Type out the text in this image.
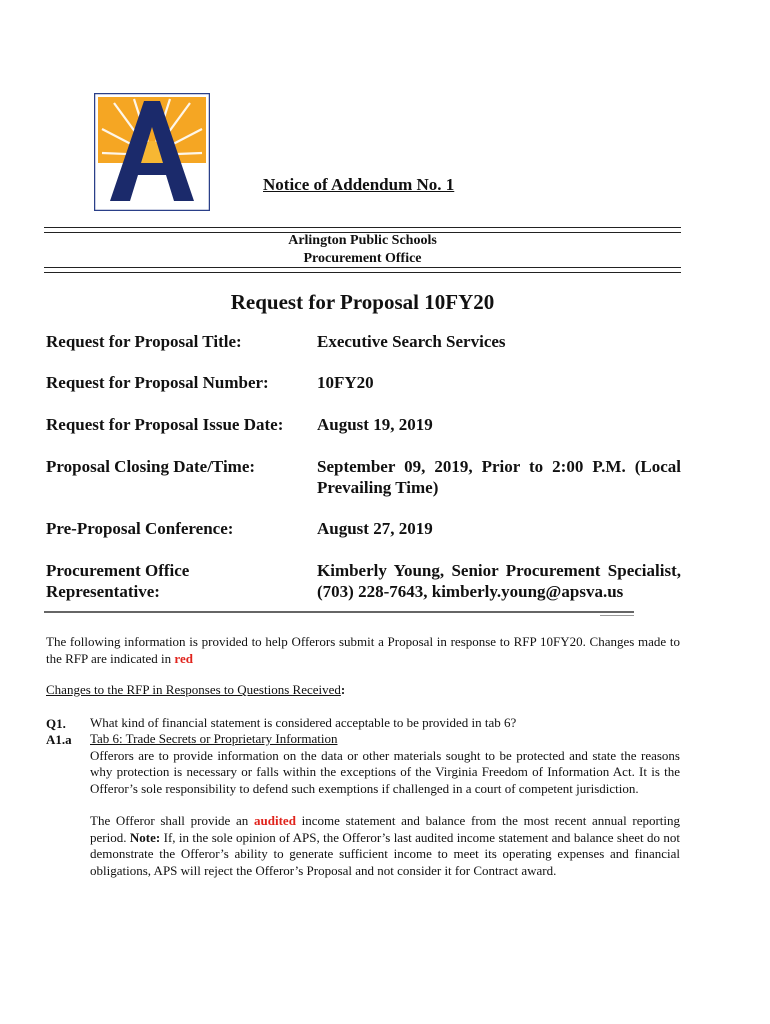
Notice of Addendum No. 1
Arlington Public Schools
Procurement Office
Request for Proposal 10FY20
Request for Proposal Title:	Executive Search Services
Request for Proposal Number:	10FY20
Request for Proposal Issue Date:	August 19, 2019
Proposal Closing Date/Time:	September 09, 2019, Prior to 2:00 P.M. (Local Prevailing Time)
Pre-Proposal Conference:	August 27, 2019
Procurement Office Representative:
Kimberly Young, Senior Procurement Specialist, (703) 228-7643, kimberly.young@apsva.us
The following information is provided to help Offerors submit a Proposal in response to RFP 10FY20. Changes made to the RFP are indicated in red
Changes to the RFP in Responses to Questions Received:
Q1. What kind of financial statement is considered acceptable to be provided in tab 6?
A1.a Tab 6: Trade Secrets or Proprietary Information
Offerors are to provide information on the data or other materials sought to be protected and state the reasons why protection is necessary or falls within the exceptions of the Virginia Freedom of Information Act. It is the Offeror’s sole responsibility to defend such exemptions if challenged in a court of competent jurisdiction.
The Offeror shall provide an audited income statement and balance from the most recent annual reporting period. Note: If, in the sole opinion of APS, the Offeror’s last audited income statement and balance sheet do not demonstrate the Offeror’s ability to generate sufficient income to meet its operating expenses and financial obligations, APS will reject the Offeror’s Proposal and not consider it for Contract award.
